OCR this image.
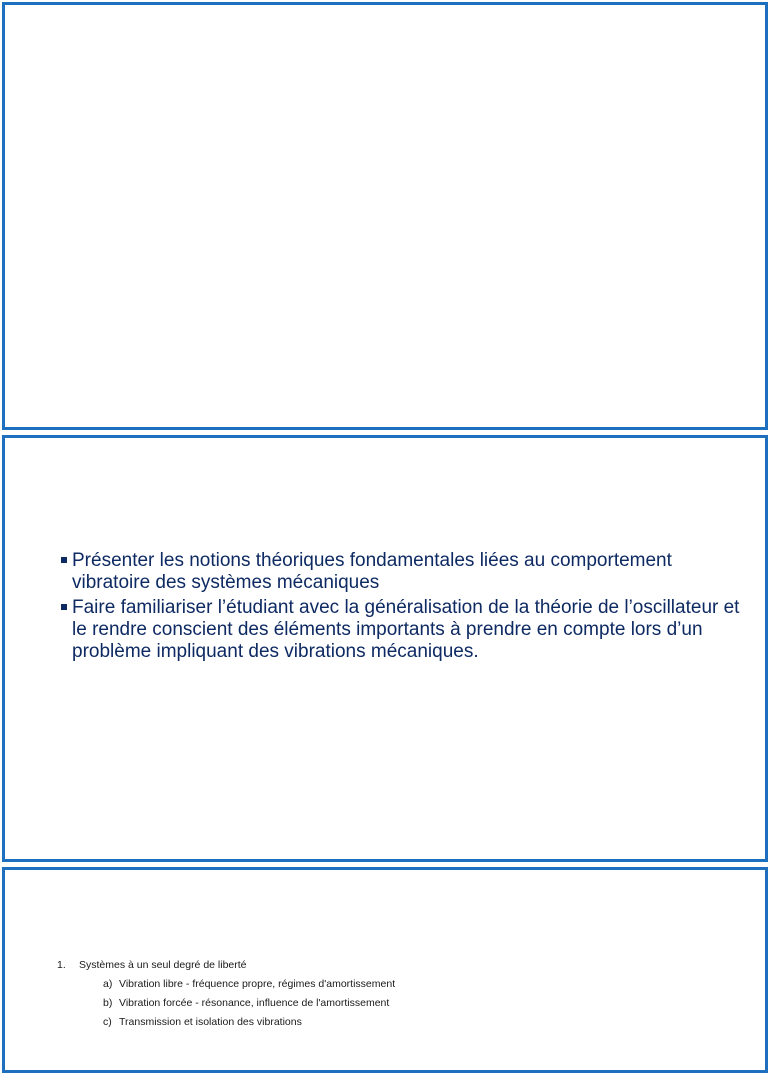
Présenter les notions théoriques fondamentales liées au comportement vibratoire des systèmes mécaniques
Faire familiariser l’étudiant avec la généralisation de la théorie de l’oscillateur et le rendre conscient des éléments importants à prendre en compte lors d’un problème impliquant des vibrations mécaniques.
1. Systèmes à un seul degré de liberté
a) Vibration libre - fréquence propre, régimes d'amortissement
b) Vibration forcée - résonance, influence de l'amortissement
c) Transmission et isolation des vibrations
